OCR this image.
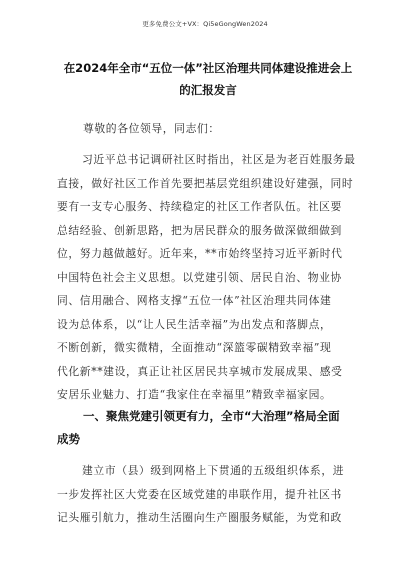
更多免费公文+VX：Qi5eGongWen2024
在2024年全市“五位一体”社区治理共同体建设推进会上
的汇报发言
尊敬的各位领导，同志们：
习近平总书记调研社区时指出，社区是为老百姓服务最
直接，做好社区工作首先要把基层党组织建设好建强，同时
要有一支专心服务、持续稳定的社区工作者队伍。社区要
总结经验、创新思路，把为居民群众的服务做深做细做到
位，努力越做越好。近年来，**市始终坚持习近平新时代
中国特色社会主义思想。以党建引领、居民自治、物业协
同、信用融合、网格支撑“五位一体”社区治理共同体建
设为总体系，以“让人民生活幸福”为出发点和落脚点，
不断创新，微实微精，全面推动“深篮零碳精致幸福”现
代化新**建设，真正让社区居民共享城市发展成果、感受
安居乐业魅力、打造“我家住在幸福里”精致幸福家园。
一、聚焦党建引领更有力，全市“大治理”格局全面
成势
建立市（县）级到网格上下贯通的五级组织体系，进
一步发挥社区大党委在区域党建的串联作用，提升社区书
记头雁引航力，推动生活圈向生产圈服务赋能，为党和政
